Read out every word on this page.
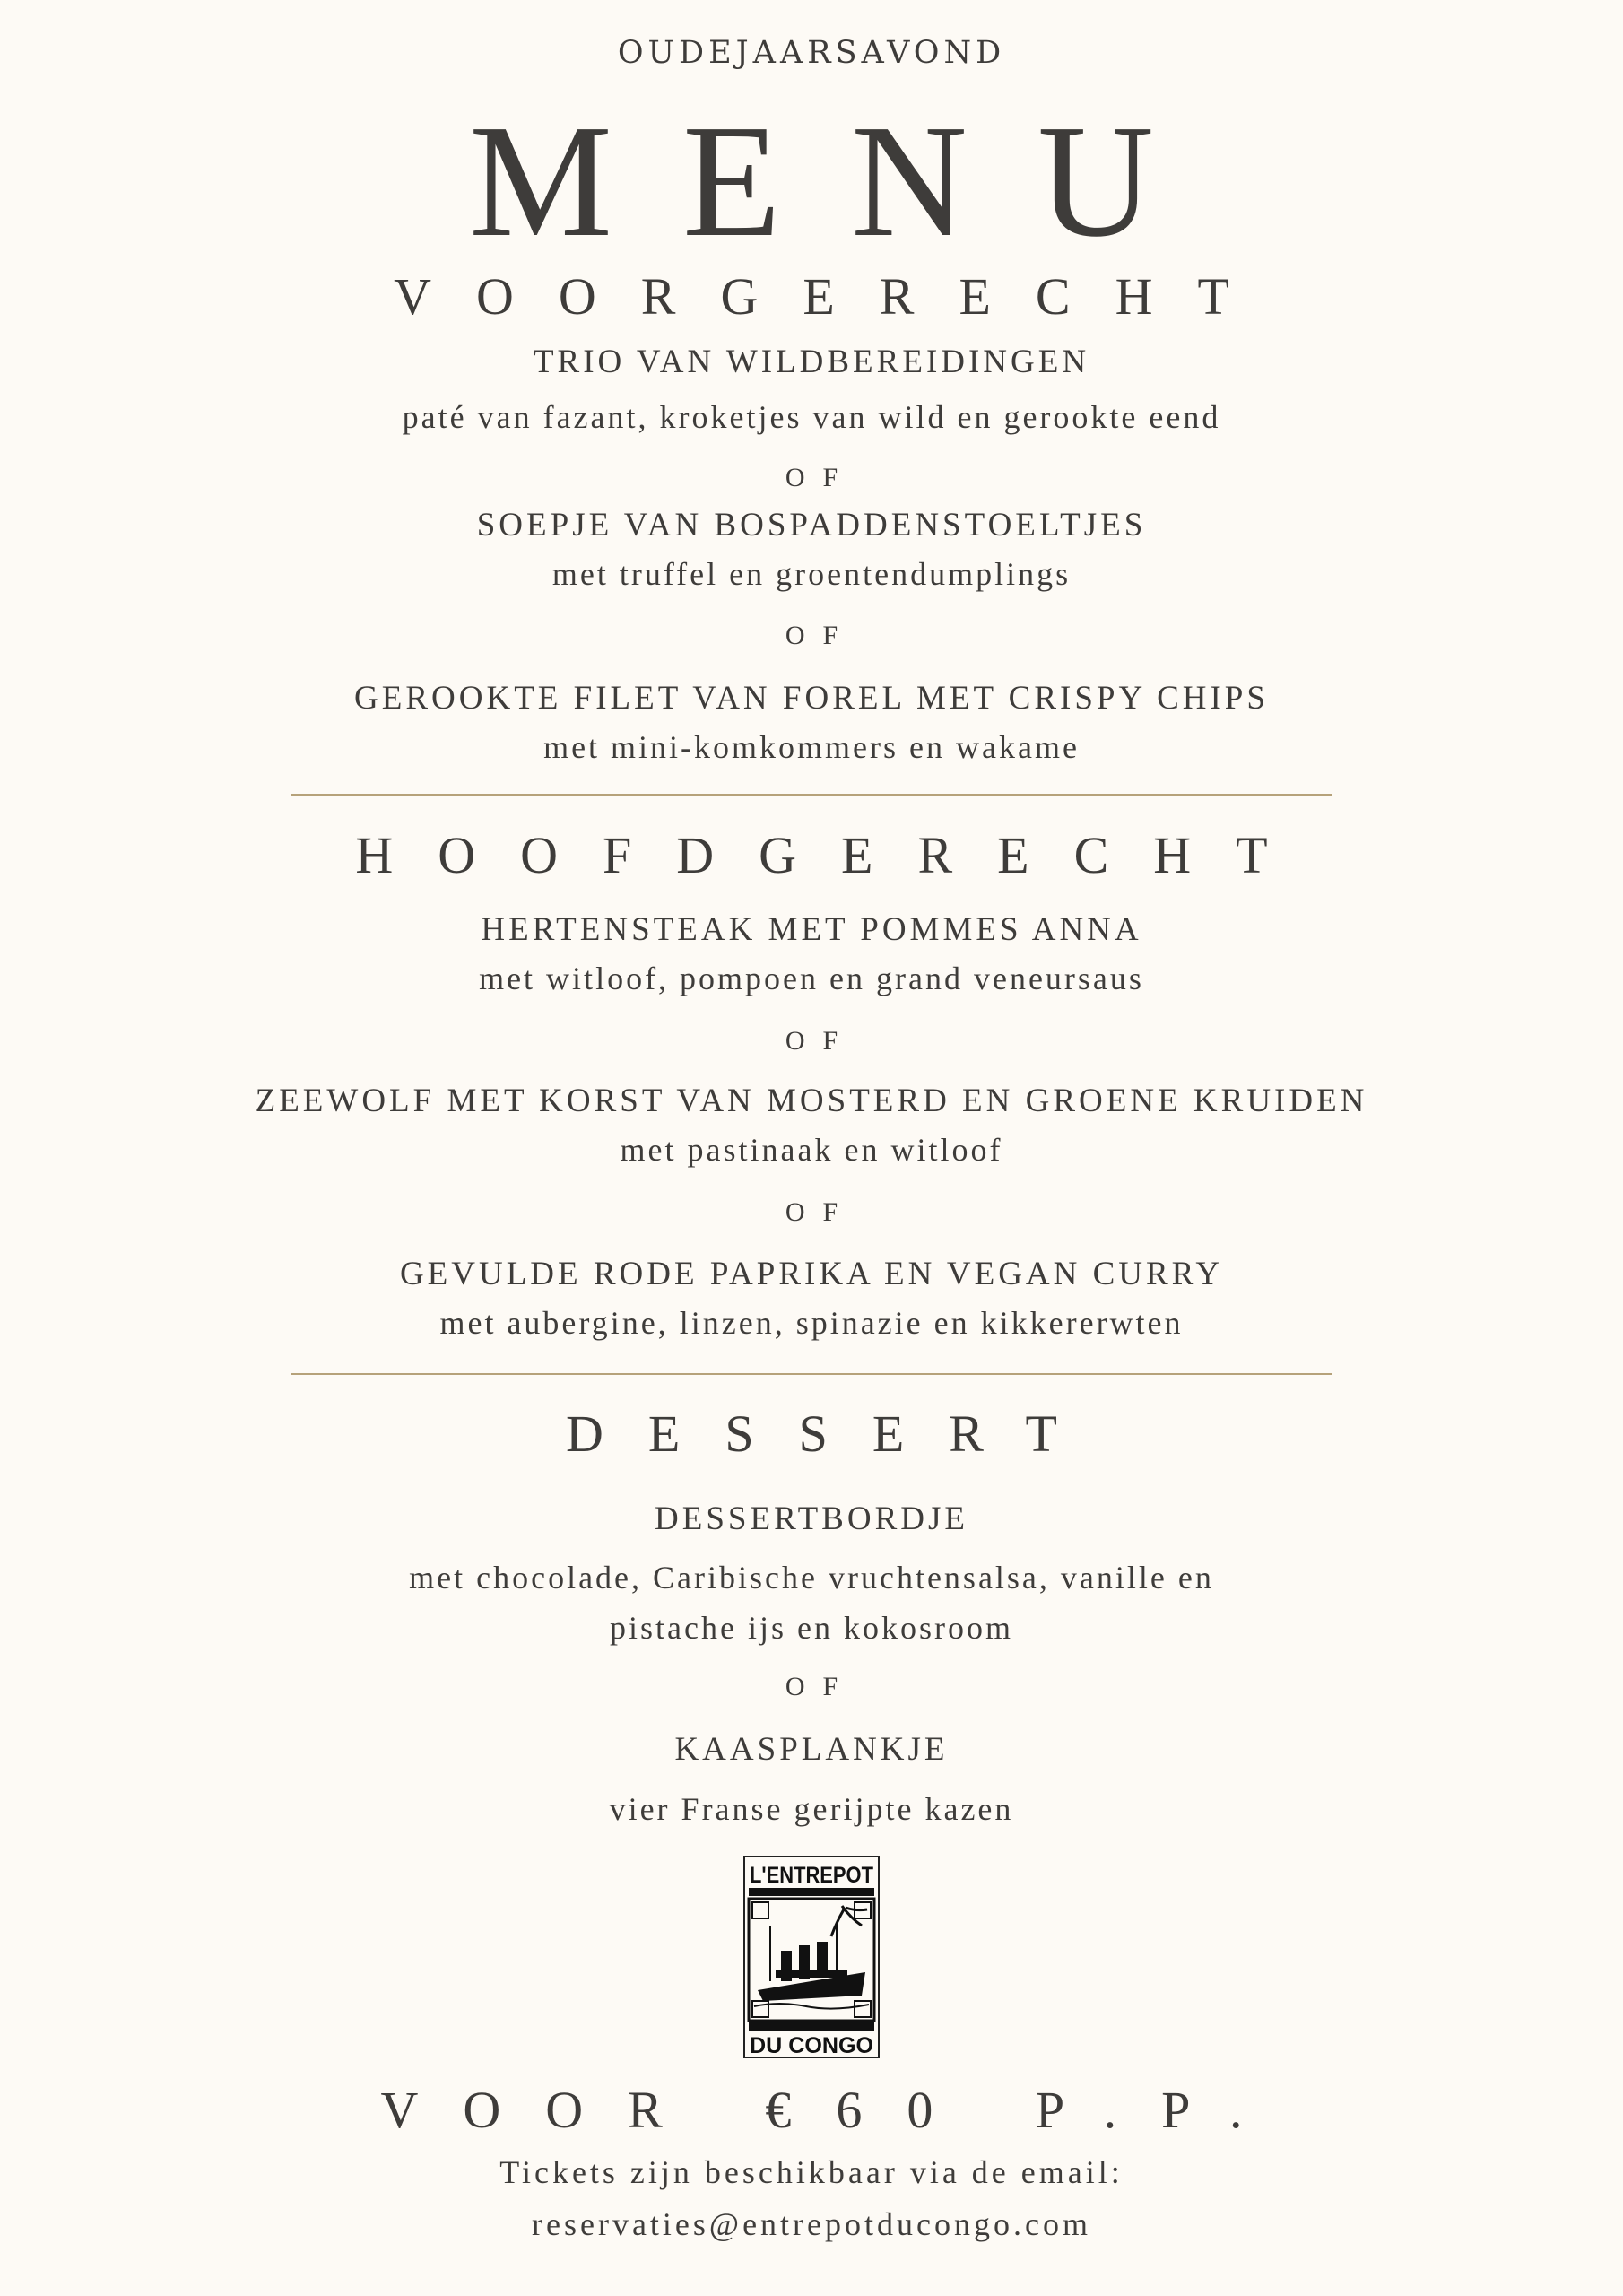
OUDEJAARSAVOND
MENU
VOORGERECHT
TRIO VAN WILDBEREIDINGEN
paté van fazant, kroketjes van wild en gerookte eend
OF
SOEPJE VAN BOSPADDENSTOELTJES
met truffel en groentendumplings
OF
GEROOKTE FILET VAN FOREL MET CRISPY CHIPS
met mini-komkommers en wakame
HOOFDGERECHT
HERTENSTEAK MET POMMES ANNA
met witloof, pompoen en grand veneursaus
OF
ZEEWOLF MET KORST VAN MOSTERD EN GROENE KRUIDEN
met pastinaak en witloof
OF
GEVULDE RODE PAPRIKA EN VEGAN CURRY
met aubergine, linzen, spinazie en kikkererwten
DESSERT
DESSERTBORDJE
met chocolade, Caribische vruchtensalsa, vanille en
pistache ijs en kokosroom
OF
KAASPLANKJE
vier Franse gerijpte kazen
L'ENTREPOT
DU CONGO
VOOR €60 P.P.
Tickets zijn beschikbaar via de email:
reservaties@entrepotducongo.com
